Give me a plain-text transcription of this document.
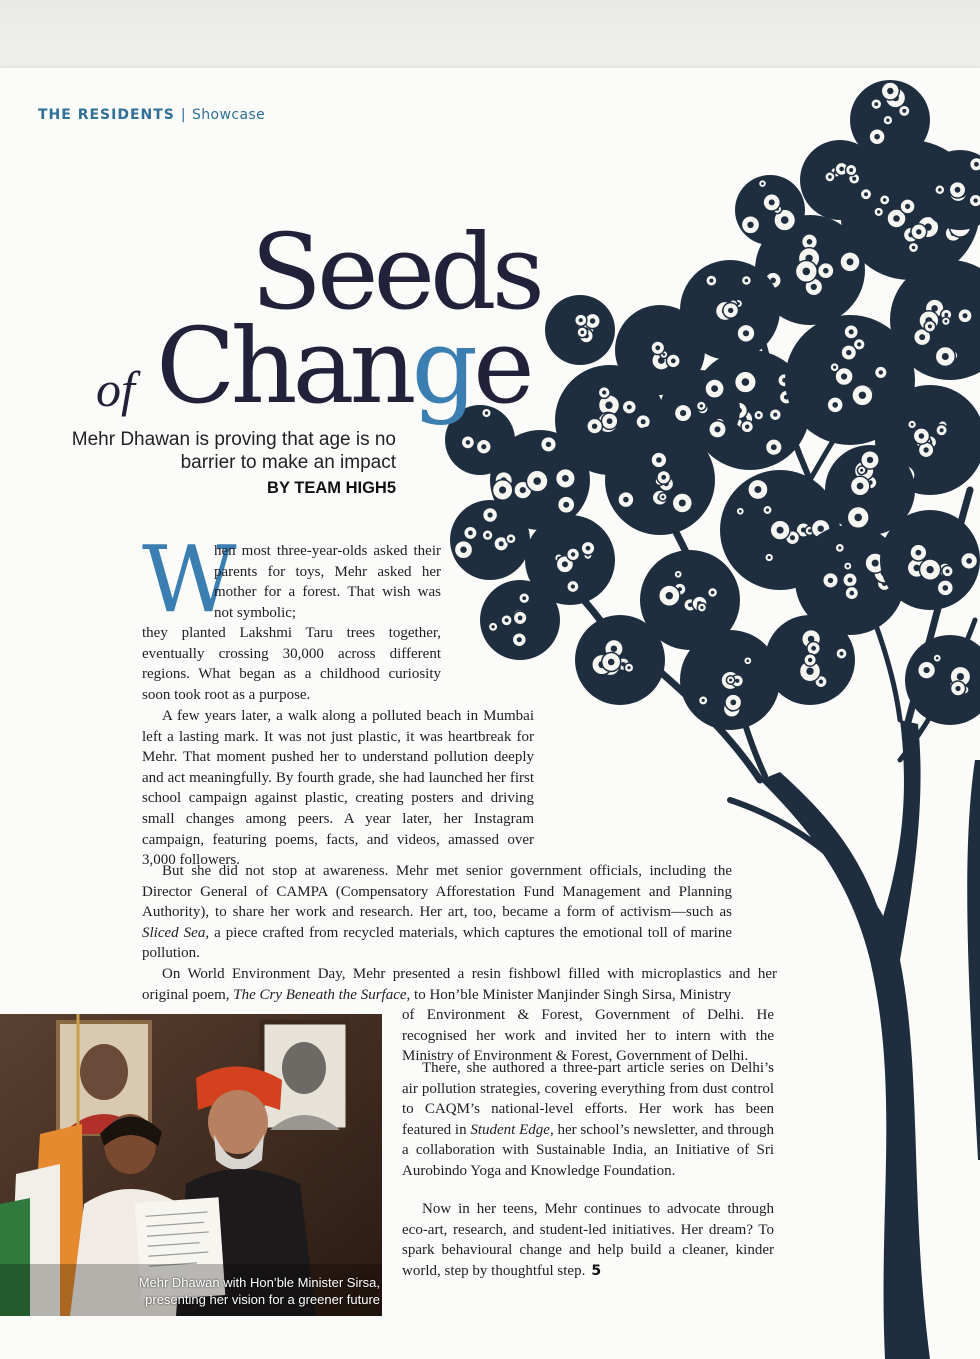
THE RESIDENTS | Showcase
Seeds
of Change
Mehr Dhawan is proving that age is no barrier to make an impact
BY TEAM HIGH5
W

hen most three-year-olds asked their parents for toys, Mehr asked her mother for a forest. That wish was not symbolic;

they planted Lakshmi Taru trees together, eventually crossing 30,000 across different regions. What began as a childhood curiosity soon took root as a purpose.

A few years later, a walk along a polluted beach in Mumbai left a lasting mark. It was not just plastic, it was heartbreak for Mehr. That moment pushed her to understand pollution deeply and act meaningfully. By fourth grade, she had launched her first school campaign against plastic, creating posters and driving small changes among peers. A year later, her Instagram campaign, featuring poems, facts, and videos, amassed over 3,000 followers.

But she did not stop at awareness. Mehr met senior government officials, including the Director General of CAMPA (Compensatory Afforestation Fund Management and Planning Authority), to share her work and research. Her art, too, became a form of activism—such as Sliced Sea, a piece crafted from recycled materials, which captures the emotional toll of marine pollution.

On World Environment Day, Mehr presented a resin fishbowl filled with microplastics and her original poem, The Cry Beneath the Surface, to Hon’ble Minister Manjinder Singh Sirsa, Ministry

of Environment & Forest, Government of Delhi. He recognised her work and invited her to intern with the Ministry of Environment & Forest, Government of Delhi.

There, she authored a three-part article series on Delhi’s air pollution strategies, covering everything from dust control to CAQM’s national-level efforts. Her work has been featured in Student Edge, her school’s newsletter, and through a collaboration with Sustainable India, an Initiative of Sri Aurobindo Yoga and Knowledge Foundation.

Now in her teens, Mehr continues to advocate through eco-art, research, and student-led initiatives. Her dream? To spark behavioural change and help build a cleaner, kinder world, step by thoughtful step. 5

Mehr Dhawan with Hon’ble Minister Sirsa, presenting her vision for a greener future
